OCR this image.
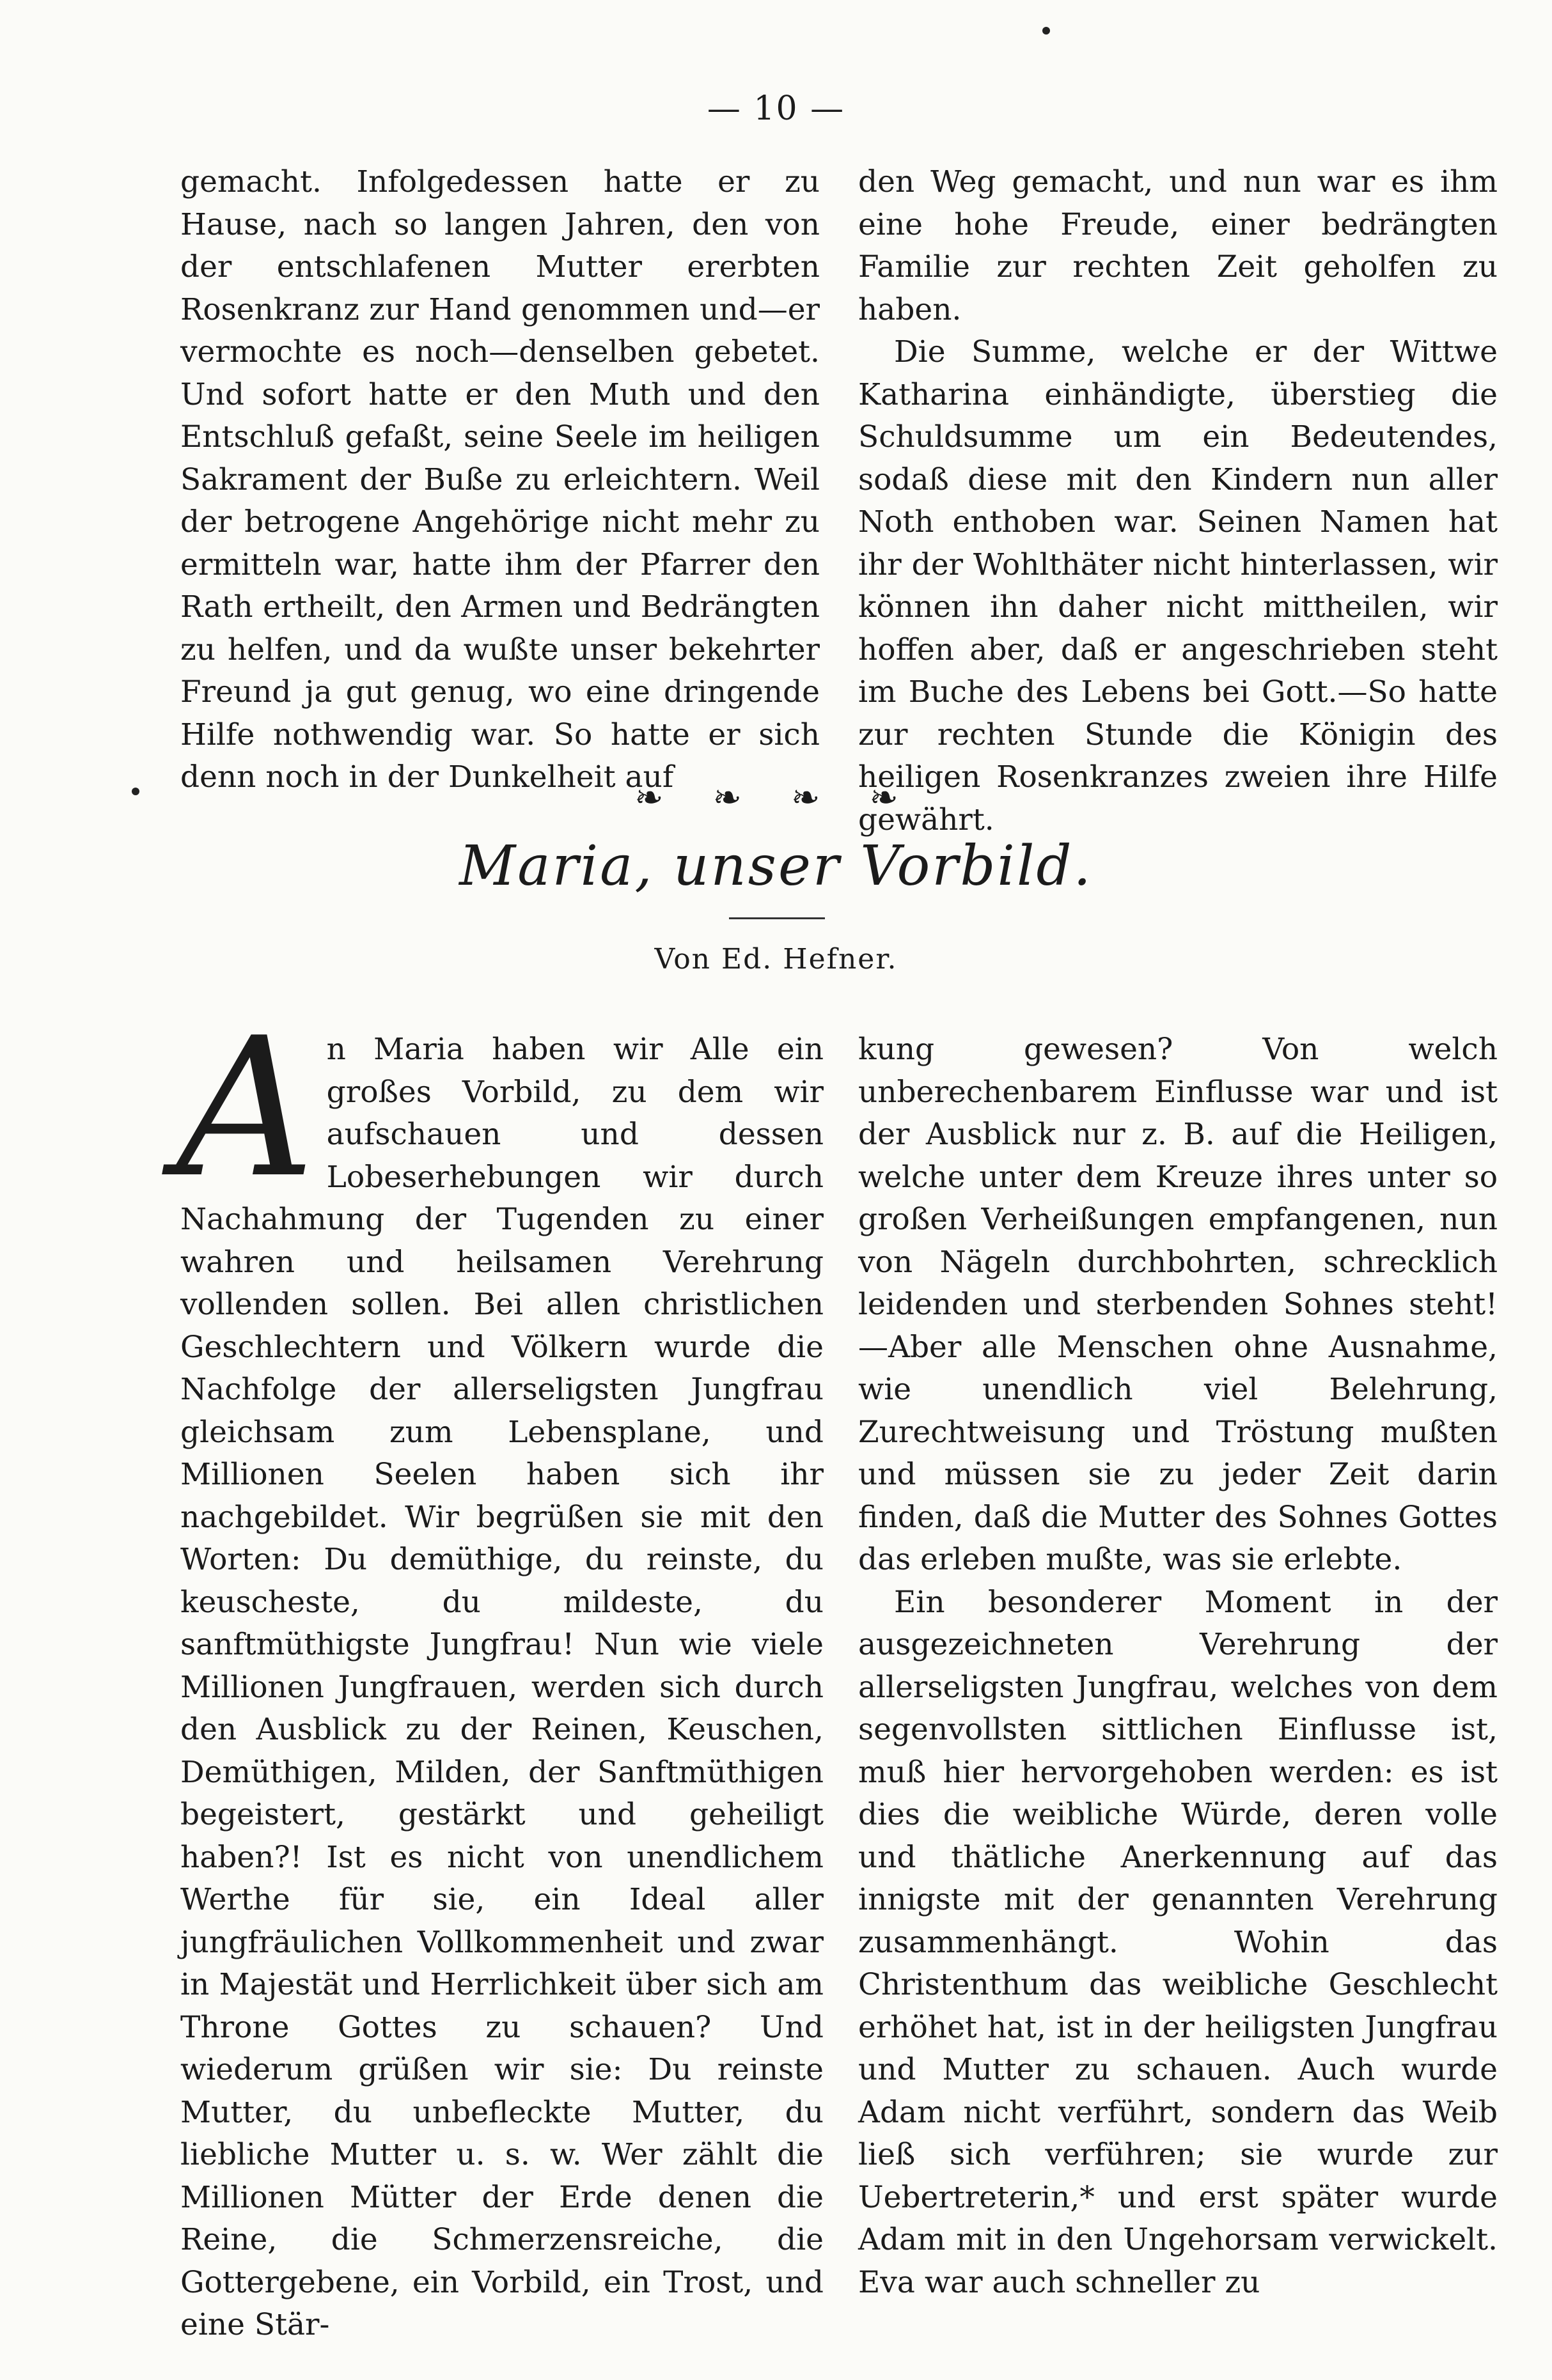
— 10 —

gemacht. Infolgedessen hatte er zu Hause, nach so langen Jahren, den von der entschlafenen Mutter ererbten Rosenkranz zur Hand genommen und—er vermochte es noch—denselben gebetet. Und sofort hatte er den Muth und den Entschluß gefaßt, seine Seele im heiligen Sakrament der Buße zu erleichtern. Weil der betrogene Angehörige nicht mehr zu ermitteln war, hatte ihm der Pfarrer den Rath ertheilt, den Armen und Bedrängten zu helfen, und da wußte unser bekehrter Freund ja gut genug, wo eine dringende Hilfe nothwendig war. So hatte er sich denn noch in der Dunkelheit auf

den Weg gemacht, und nun war es ihm eine hohe Freude, einer bedrängten Familie zur rechten Zeit geholfen zu haben.

Die Summe, welche er der Wittwe Katharina einhändigte, überstieg die Schuldsumme um ein Bedeutendes, sodaß diese mit den Kindern nun aller Noth enthoben war. Seinen Namen hat ihr der Wohlthäter nicht hinterlassen, wir können ihn daher nicht mittheilen, wir hoffen aber, daß er angeschrieben steht im Buche des Lebens bei Gott.—So hatte zur rechten Stunde die Königin des heiligen Rosenkranzes zweien ihre Hilfe gewährt.

❧ ❧ ❧ ❧
Maria, unser Vorbild.
Von Ed. Hefner.
A n Maria haben wir Alle ein großes Vorbild, zu dem wir aufschauen und dessen Lobeserhebungen wir durch Nachahmung der Tugenden zu einer wahren und heilsamen Verehrung vollenden sollen. Bei allen christlichen Geschlechtern und Völkern wurde die Nachfolge der allerseligsten Jungfrau gleichsam zum Lebensplane, und Millionen Seelen haben sich ihr nachgebildet. Wir begrüßen sie mit den Worten: Du demüthige, du reinste, du keuscheste, du mildeste, du sanftmüthigste Jungfrau! Nun wie viele Millionen Jungfrauen, werden sich durch den Ausblick zu der Reinen, Keuschen, Demüthigen, Milden, der Sanftmüthigen begeistert, gestärkt und geheiligt haben?! Ist es nicht von unendlichem Werthe für sie, ein Ideal aller jungfräulichen Vollkommenheit und zwar in Majestät und Herrlichkeit über sich am Throne Gottes zu schauen? Und wiederum grüßen wir sie: Du reinste Mutter, du unbefleckte Mutter, du liebliche Mutter u. s. w. Wer zählt die Millionen Mütter der Erde denen die Reine, die Schmerzensreiche, die Gottergebene, ein Vorbild, ein Trost, und eine Stär-

kung gewesen? Von welch unberechenbarem Einflusse war und ist der Ausblick nur z. B. auf die Heiligen, welche unter dem Kreuze ihres unter so großen Verheißungen empfangenen, nun von Nägeln durchbohrten, schrecklich leidenden und sterbenden Sohnes steht!—Aber alle Menschen ohne Ausnahme, wie unendlich viel Belehrung, Zurechtweisung und Tröstung mußten und müssen sie zu jeder Zeit darin finden, daß die Mutter des Sohnes Gottes das erleben mußte, was sie erlebte.

Ein besonderer Moment in der ausgezeichneten Verehrung der allerseligsten Jungfrau, welches von dem segenvollsten sittlichen Einflusse ist, muß hier hervorgehoben werden: es ist dies die weibliche Würde, deren volle und thätliche Anerkennung auf das innigste mit der genannten Verehrung zusammenhängt. Wohin das Christenthum das weibliche Geschlecht erhöhet hat, ist in der heiligsten Jungfrau und Mutter zu schauen. Auch wurde Adam nicht verführt, sondern das Weib ließ sich verführen; sie wurde zur Uebertreterin,* und erst später wurde Adam mit in den Ungehorsam verwickelt. Eva war auch schneller zu
